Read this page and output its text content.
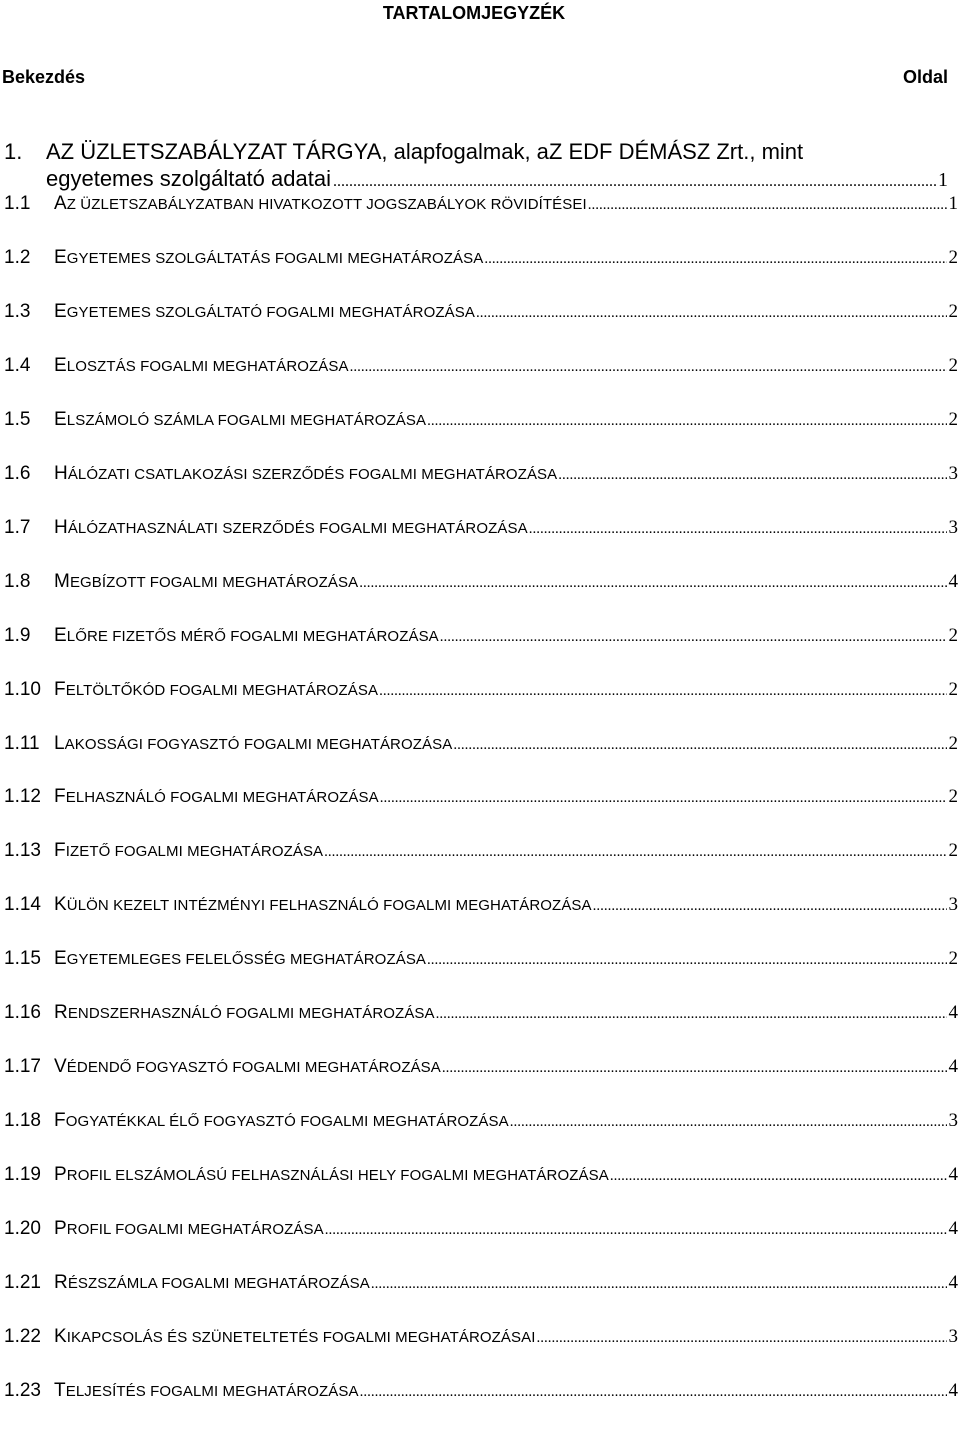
TARTALOMJEGYZÉK
Bekezdés	Oldal
1. AZ ÜZLETSZABÁLYZAT TÁRGYA, alapfogalmak, aZ EDF DÉMÁSZ Zrt., mint
egyetemes szolgáltató adatai .....	1
1.1	AZ ÜZLETSZABÁLYZATBAN HIVATKOZOTT JOGSZABÁLYOK RÖVIDÍTÉSEI .....	1
1.2	EGYETEMES SZOLGÁLTATÁS FOGALMI MEGHATÁROZÁSA .....	2
1.3	EGYETEMES SZOLGÁLTATÓ FOGALMI MEGHATÁROZÁSA .....	2
1.4	ELOSZTÁS FOGALMI MEGHATÁROZÁSA .....	2
1.5	ELSZÁMOLÓ SZÁMLA FOGALMI MEGHATÁROZÁSA .....	2
1.6	HÁLÓZATI CSATLAKOZÁSI SZERZŐDÉS FOGALMI MEGHATÁROZÁSA .....	3
1.7	HÁLÓZATHASZNÁLATI SZERZŐDÉS FOGALMI MEGHATÁROZÁSA .....	3
1.8	MEGBÍZOTT FOGALMI MEGHATÁROZÁSA .....	4
1.9	ELŐRE FIZETŐS MÉRŐ FOGALMI MEGHATÁROZÁSA .....	2
1.10 FELTÖLTŐKÓD FOGALMI MEGHATÁROZÁSA .....	2
1.11 LAKOSSÁGI FOGYASZTÓ FOGALMI MEGHATÁROZÁSA .....	2
1.12 FELHASZNÁLÓ FOGALMI MEGHATÁROZÁSA .....	2
1.13 FIZETŐ FOGALMI MEGHATÁROZÁSA .....	2
1.14 KÜLÖN KEZELT INTÉZMÉNYI FELHASZNÁLÓ FOGALMI MEGHATÁROZÁSA .....	3
1.15 EGYETEMLEGES FELELŐSSÉG MEGHATÁROZÁSA .....	2
1.16 RENDSZERHASZNÁLÓ FOGALMI MEGHATÁROZÁSA .....	4
1.17 VÉDENDŐ FOGYASZTÓ FOGALMI MEGHATÁROZÁSA .....	4
1.18 FOGYATÉKKAL ÉLŐ FOGYASZTÓ FOGALMI MEGHATÁROZÁSA .....	3
1.19 PROFIL ELSZÁMOLÁSÚ FELHASZNÁLÁSI HELY FOGALMI MEGHATÁROZÁSA .....	4
1.20 PROFIL FOGALMI MEGHATÁROZÁSA .....	4
1.21 RÉSZSZÁMLA FOGALMI MEGHATÁROZÁSA .....	4
1.22 KIKAPCSOLÁS ÉS SZÜNETELTETÉS FOGALMI MEGHATÁROZÁSAI .....	3
1.23 TELJESÍTÉS FOGALMI MEGHATÁROZÁSA .....	4
